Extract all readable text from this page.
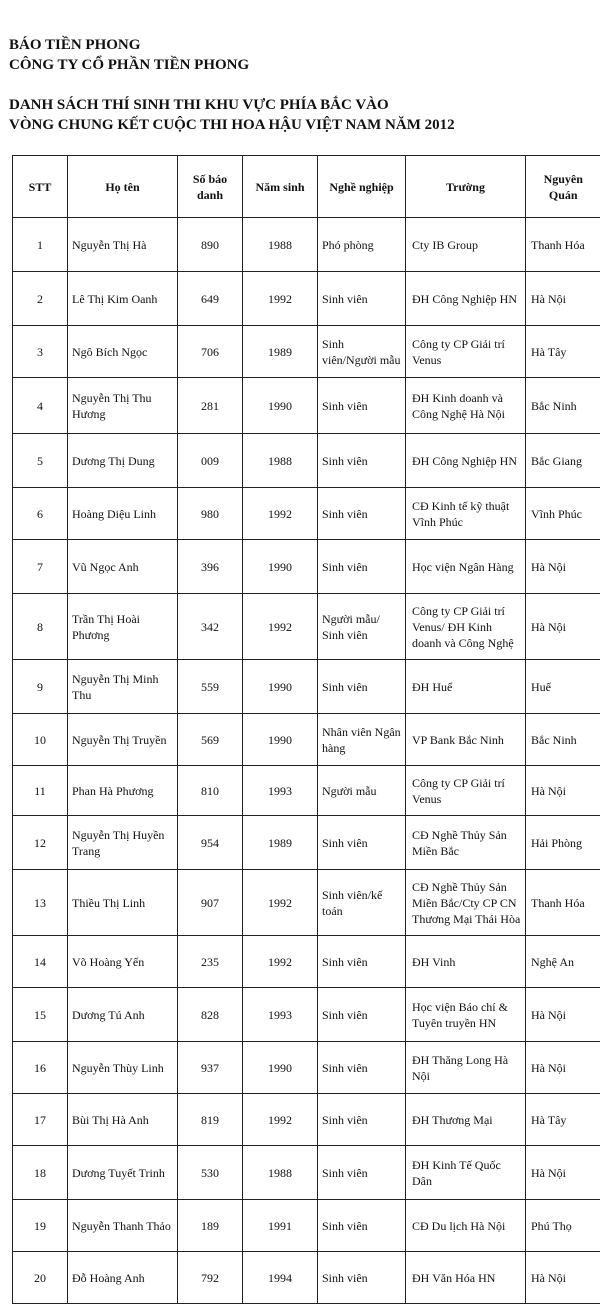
BÁO TIỀN PHONG
CÔNG TY CỔ PHẦN TIỀN PHONG
DANH SÁCH THÍ SINH THI KHU VỰC PHÍA BẮC VÀO
VÒNG CHUNG KẾT CUỘC THI HOA HẬU VIỆT NAM NĂM 2012
STT	Họ tên	Số báo danh	Năm sinh	Nghề nghiệp	Trường	Nguyên Quán
1	Nguyễn Thị Hà	890	1988	Phó phòng	Cty IB Group	Thanh Hóa
2	Lê Thị Kim Oanh	649	1992	Sinh viên	ĐH Công Nghiệp HN	Hà Nội
3	Ngô Bích Ngọc	706	1989	Sinh viên/Người mẫu	Công ty CP Giải trí Venus	Hà Tây
4	Nguyễn Thị Thu Hương	281	1990	Sinh viên	ĐH Kinh doanh và Công Nghệ Hà Nội	Bắc Ninh
5	Dương Thị Dung	009	1988	Sinh viên	ĐH Công Nghiệp HN	Bắc Giang
6	Hoàng Diệu Linh	980	1992	Sinh viên	CĐ Kinh tế kỹ thuật Vĩnh Phúc	Vĩnh Phúc
7	Vũ Ngọc Anh	396	1990	Sinh viên	Học viện Ngân Hàng	Hà Nội
8	Trần Thị Hoài Phương	342	1992	Người mẫu/ Sinh viên	Công ty CP Giải trí Venus/ ĐH Kinh doanh và Công Nghệ	Hà Nội
9	Nguyễn Thị Minh Thu	559	1990	Sinh viên	ĐH Huế	Huế
10	Nguyễn Thị Truyền	569	1990	Nhân viên Ngân hàng	VP Bank Bắc Ninh	Bắc Ninh
11	Phan Hà Phương	810	1993	Người mẫu	Công ty CP Giải trí Venus	Hà Nội
12	Nguyễn Thị Huyền Trang	954	1989	Sinh viên	CĐ Nghề Thủy Sản Miền Bắc	Hải Phòng
13	Thiều Thị Linh	907	1992	Sinh viên/kế toán	CĐ Nghề Thủy Sản Miền Bắc/Cty CP CN Thương Mại Thái Hòa	Thanh Hóa
14	Võ Hoàng Yến	235	1992	Sinh viên	ĐH Vinh	Nghệ An
15	Dương Tú Anh	828	1993	Sinh viên	Học viện Báo chí & Tuyên truyền HN	Hà Nội
16	Nguyễn Thùy Linh	937	1990	Sinh viên	ĐH Thăng Long Hà Nội	Hà Nội
17	Bùi Thị Hà Anh	819	1992	Sinh viên	ĐH Thương Mại	Hà Tây
18	Dương Tuyết Trinh	530	1988	Sinh viên	ĐH Kinh Tế Quốc Dân	Hà Nội
19	Nguyễn Thanh Thảo	189	1991	Sinh viên	CĐ Du lịch Hà Nội	Phú Thọ
20	Đỗ Hoàng Anh	792	1994	Sinh viên	ĐH Văn Hóa HN	Hà Nội
